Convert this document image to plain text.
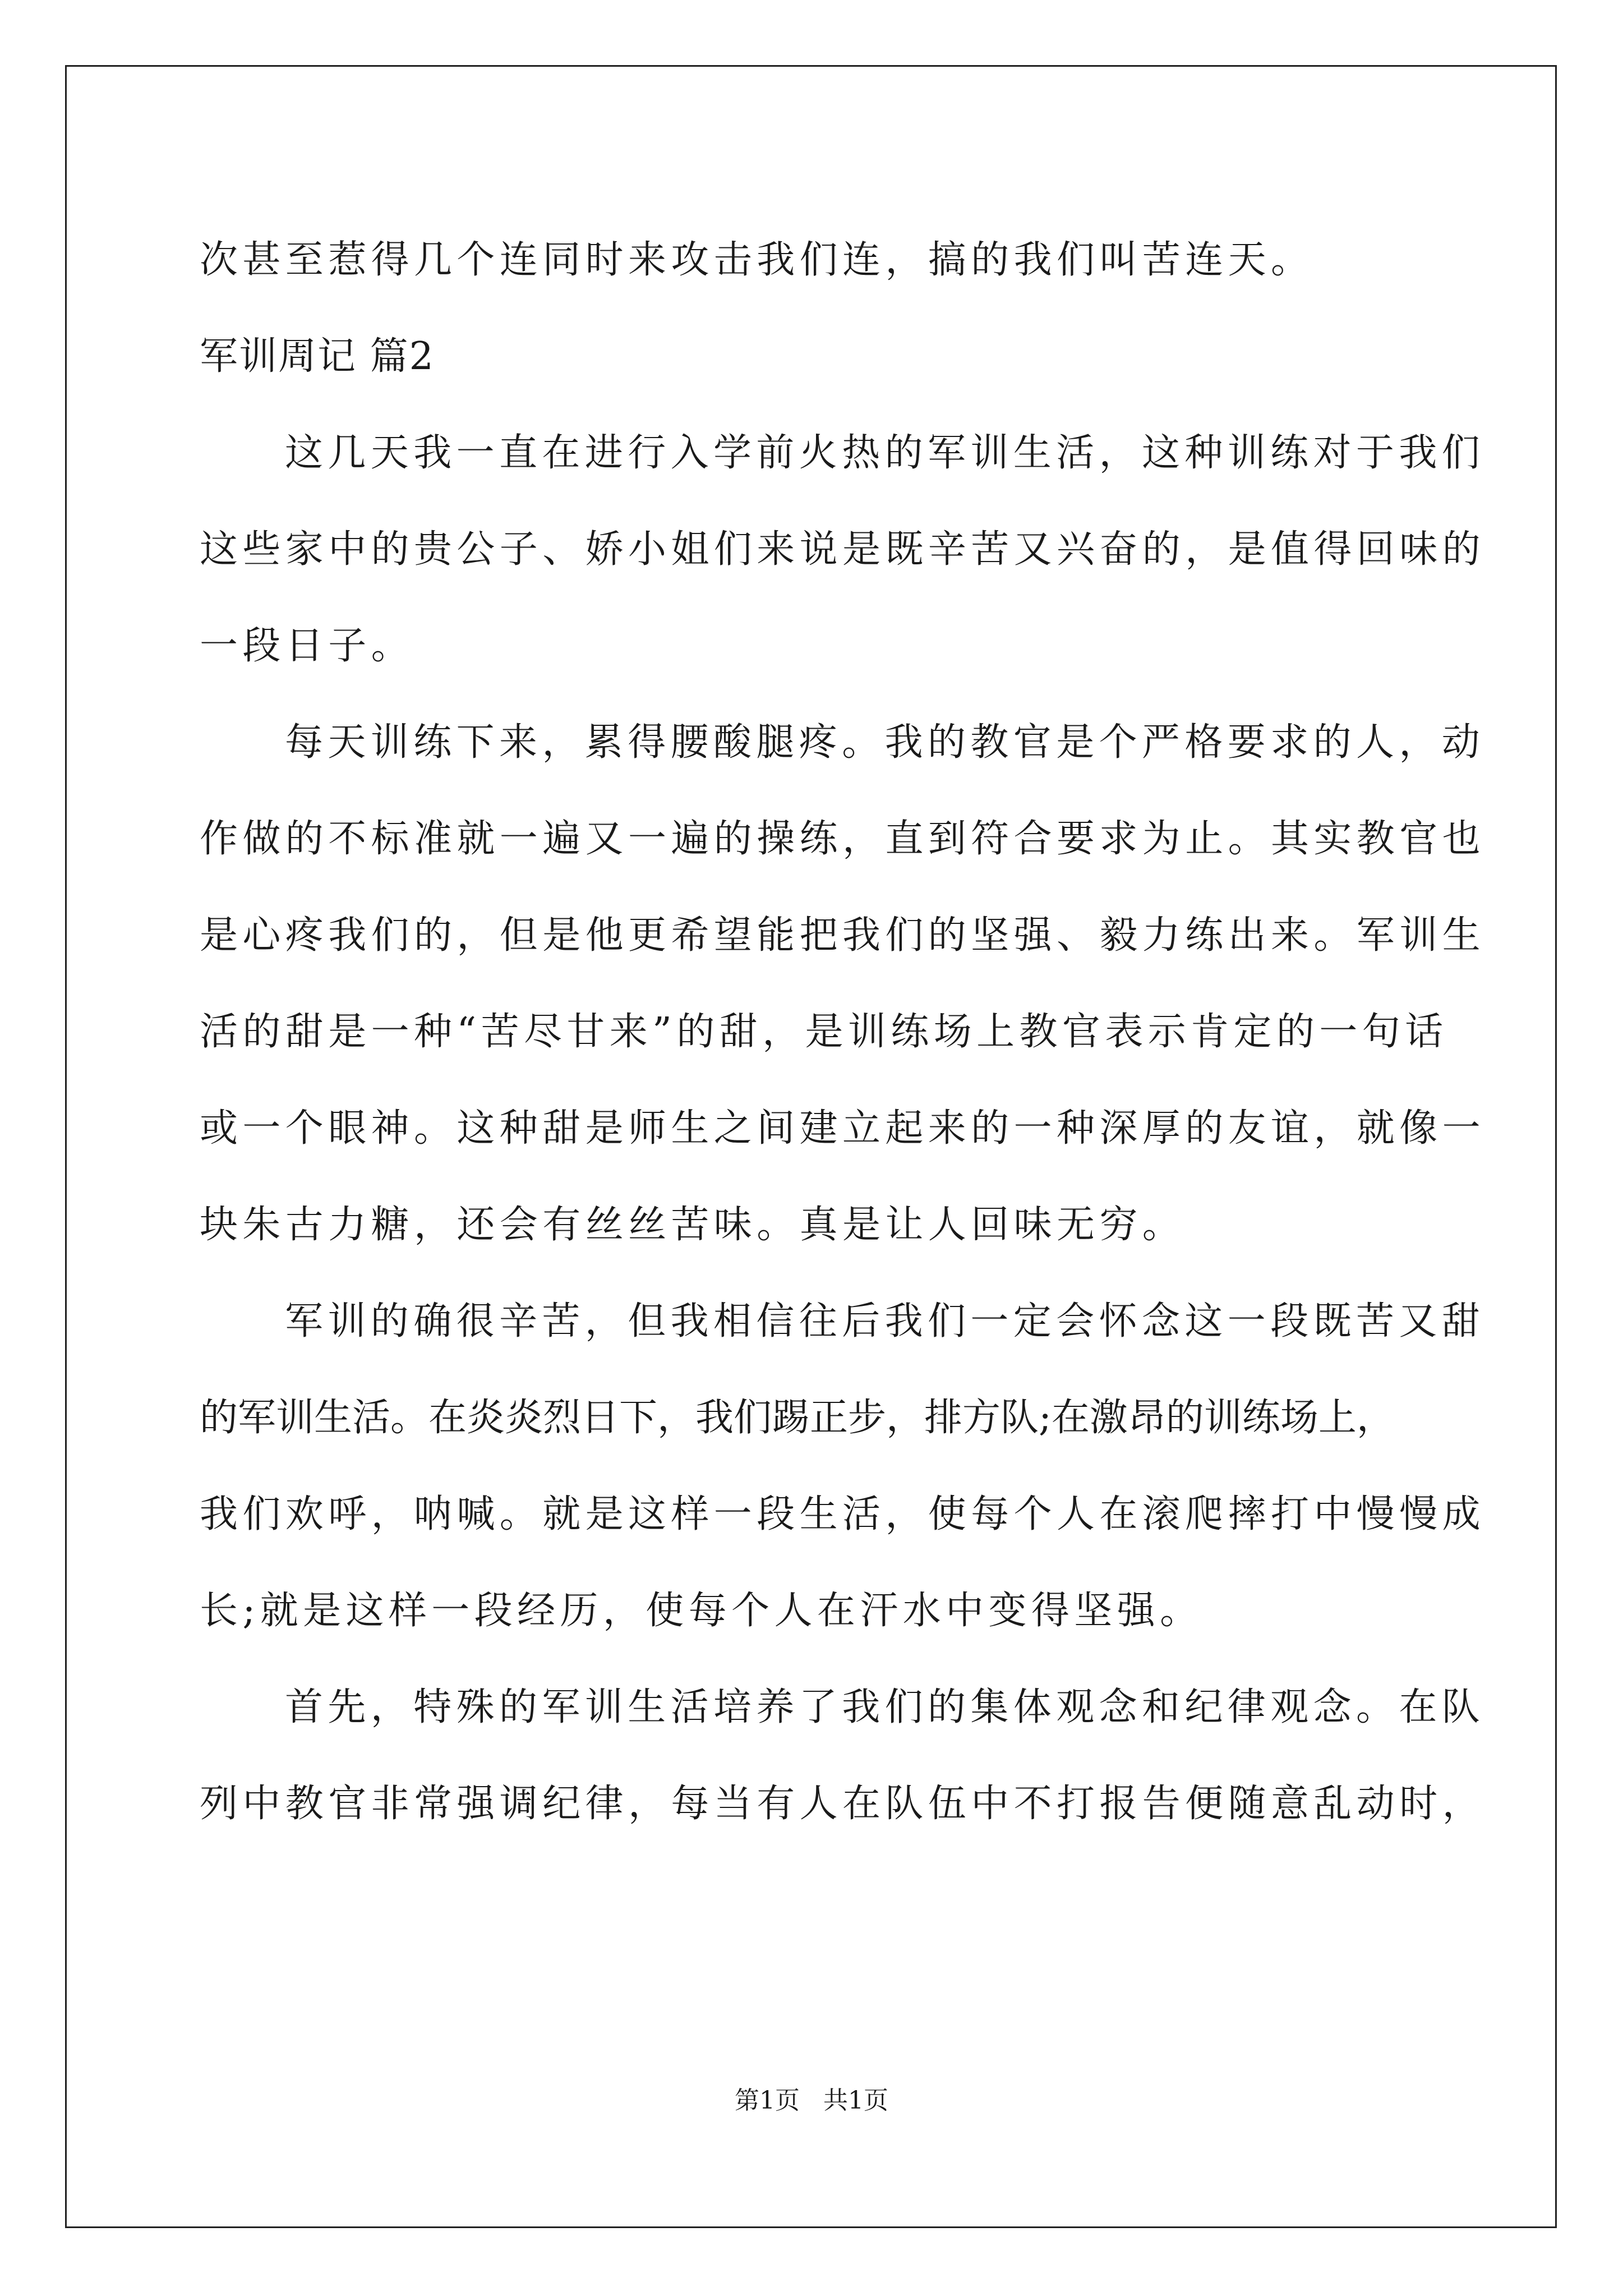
次甚至惹得几个连同时来攻击我们连，搞的我们叫苦连天。
军训周记 篇2
这几天我一直在进行入学前火热的军训生活，这种训练对于我们
这些家中的贵公子、娇小姐们来说是既辛苦又兴奋的，是值得回味的
一段日子。
每天训练下来，累得腰酸腿疼。我的教官是个严格要求的人，动
作做的不标准就一遍又一遍的操练，直到符合要求为止。其实教官也
是心疼我们的，但是他更希望能把我们的坚强、毅力练出来。军训生
活的甜是一种“苦尽甘来”的甜，是训练场上教官表示肯定的一句话
或一个眼神。这种甜是师生之间建立起来的一种深厚的友谊，就像一
块朱古力糖，还会有丝丝苦味。真是让人回味无穷。
军训的确很辛苦，但我相信往后我们一定会怀念这一段既苦又甜
的军训生活。在炎炎烈日下，我们踢正步，排方队;在激昂的训练场上，
我们欢呼，呐喊。就是这样一段生活，使每个人在滚爬摔打中慢慢成
长;就是这样一段经历，使每个人在汗水中变得坚强。
首先，特殊的军训生活培养了我们的集体观念和纪律观念。在队
列中教官非常强调纪律，每当有人在队伍中不打报告便随意乱动时，
第1页   共1页
